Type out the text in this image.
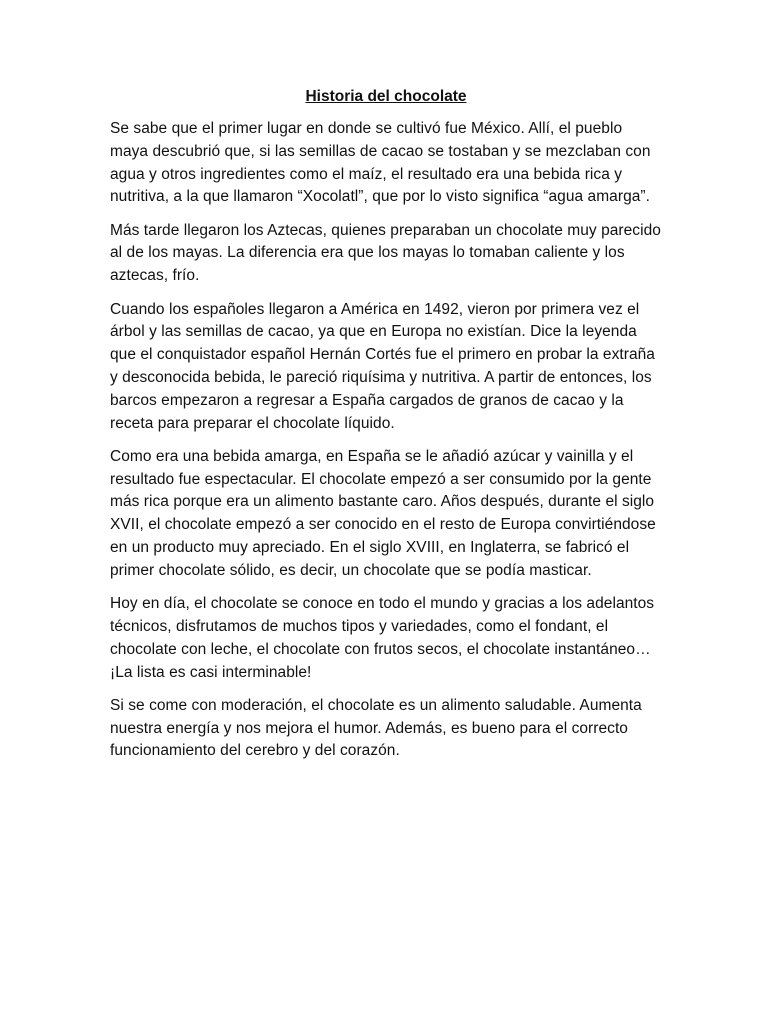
Historia del chocolate

Se sabe que el primer lugar en donde se cultivó fue México. Allí, el pueblo maya descubrió que, si las semillas de cacao se tostaban y se mezclaban con agua y otros ingredientes como el maíz, el resultado era una bebida rica y nutritiva, a la que llamaron “Xocolatl”, que por lo visto significa “agua amarga”.

Más tarde llegaron los Aztecas, quienes preparaban un chocolate muy parecido al de los mayas. La diferencia era que los mayas lo tomaban caliente y los aztecas, frío.

Cuando los españoles llegaron a América en 1492, vieron por primera vez el árbol y las semillas de cacao, ya que en Europa no existían. Dice la leyenda que el conquistador español Hernán Cortés fue el primero en probar la extraña y desconocida bebida, le pareció riquísima y nutritiva. A partir de entonces, los barcos empezaron a regresar a España cargados de granos de cacao y la receta para preparar el chocolate líquido.

Como era una bebida amarga, en España se le añadió azúcar y vainilla y el resultado fue espectacular. El chocolate empezó a ser consumido por la gente más rica porque era un alimento bastante caro. Años después, durante el siglo XVII, el chocolate empezó a ser conocido en el resto de Europa convirtiéndose en un producto muy apreciado. En el siglo XVIII, en Inglaterra, se fabricó el primer chocolate sólido, es decir, un chocolate que se podía masticar.

Hoy en día, el chocolate se conoce en todo el mundo y gracias a los adelantos técnicos, disfrutamos de muchos tipos y variedades, como el fondant, el chocolate con leche, el chocolate con frutos secos, el chocolate instantáneo… ¡La lista es casi interminable!

Si se come con moderación, el chocolate es un alimento saludable. Aumenta nuestra energía y nos mejora el humor. Además, es bueno para el correcto funcionamiento del cerebro y del corazón.
